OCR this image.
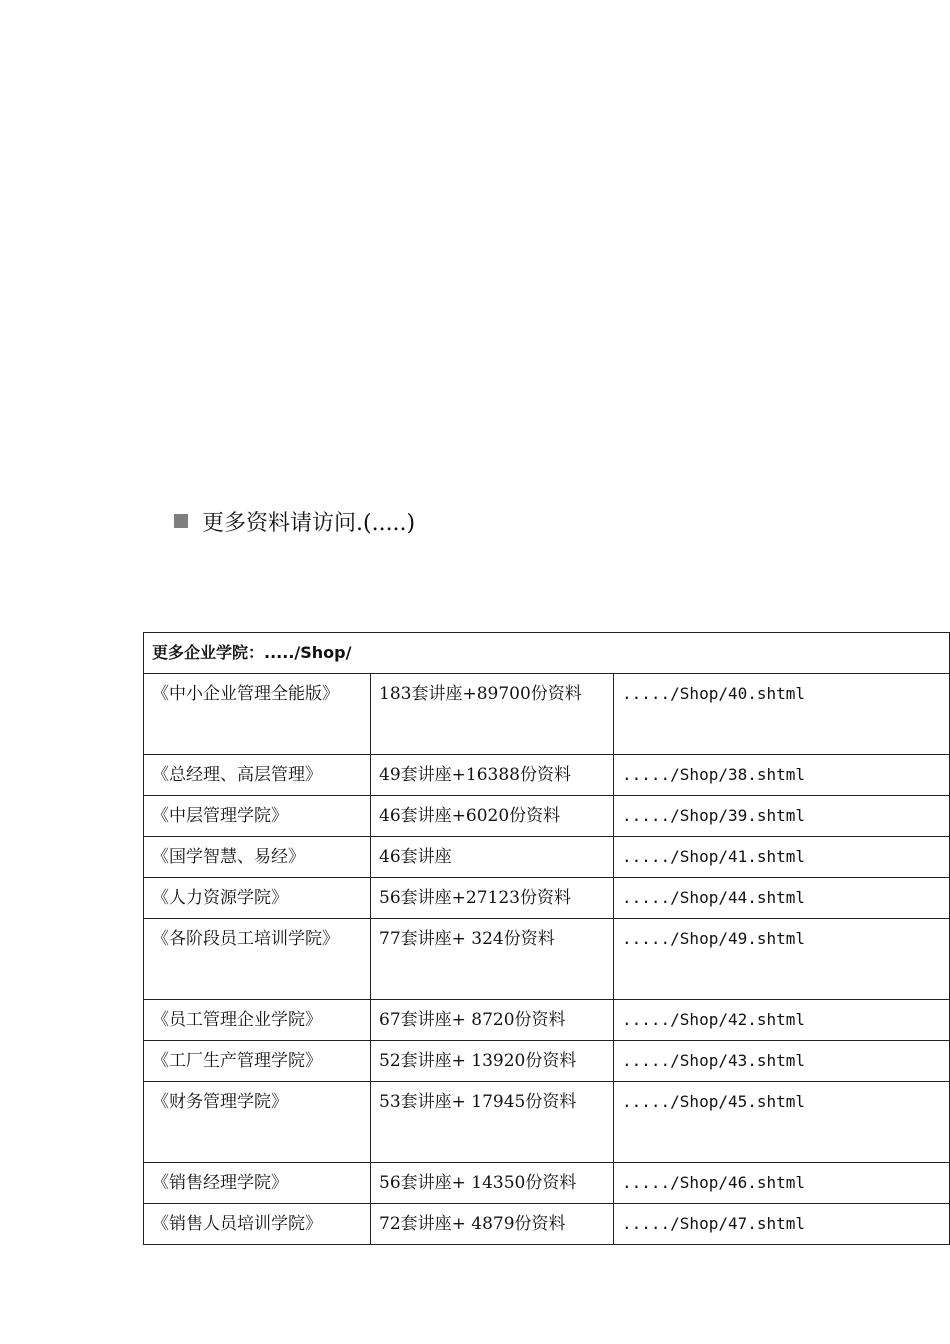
更多资料请访问.(.....)
更多企业学院：...../Shop/		
《中小企业管理全能版》	183套讲座+89700份资料	...../Shop/40.shtml
《总经理、高层管理》	49套讲座+16388份资料	...../Shop/38.shtml
《中层管理学院》	46套讲座+6020份资料	...../Shop/39.shtml
《国学智慧、易经》	46套讲座	...../Shop/41.shtml
《人力资源学院》	56套讲座+27123份资料	...../Shop/44.shtml
《各阶段员工培训学院》	77套讲座+ 324份资料	...../Shop/49.shtml
《员工管理企业学院》	67套讲座+ 8720份资料	...../Shop/42.shtml
《工厂生产管理学院》	52套讲座+ 13920份资料	...../Shop/43.shtml
《财务管理学院》	53套讲座+ 17945份资料	...../Shop/45.shtml
《销售经理学院》	56套讲座+ 14350份资料	...../Shop/46.shtml
《销售人员培训学院》	72套讲座+ 4879份资料	...../Shop/47.shtml
